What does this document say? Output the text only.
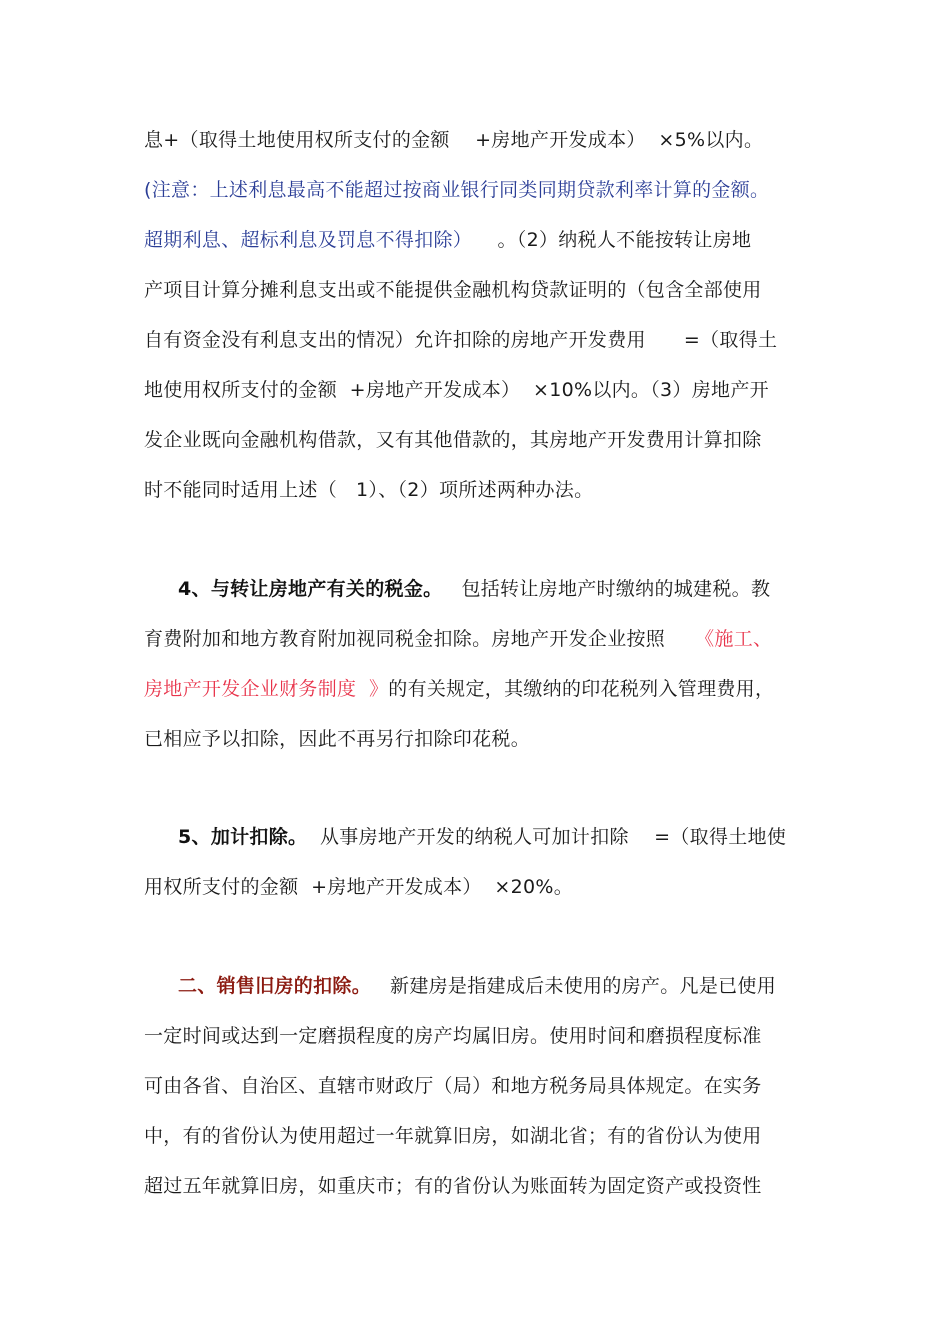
息+（取得土地使用权所支付的金额    +房地产开发成本）  ×5%以内。
(注意：上述利息最高不能超过按商业银行同类同期贷款利率计算的金额。
超期利息、超标利息及罚息不得扣除）    。（2）纳税人不能按转让房地
产项目计算分摊利息支出或不能提供金融机构贷款证明的（包含全部使用
自有资金没有利息支出的情况）允许扣除的房地产开发费用      =（取得土
地使用权所支付的金额  +房地产开发成本）  ×10%以内。（3）房地产开
发企业既向金融机构借款，又有其他借款的，其房地产开发费用计算扣除
时不能同时适用上述（   1）、（2）项所述两种办法。
4、与转让房地产有关的税金。   包括转让房地产时缴纳的城建税。教
育费附加和地方教育附加视同税金扣除。房地产开发企业按照 《施工、
房地产开发企业财务制度  》的有关规定，其缴纳的印花税列入管理费用，
已相应予以扣除，因此不再另行扣除印花税。
5、加计扣除。  从事房地产开发的纳税人可加计扣除    =（取得土地使
用权所支付的金额  +房地产开发成本）  ×20%。
二、销售旧房的扣除。   新建房是指建成后未使用的房产。凡是已使用
一定时间或达到一定磨损程度的房产均属旧房。使用时间和磨损程度标准
可由各省、自治区、直辖市财政厅（局）和地方税务局具体规定。在实务
中，有的省份认为使用超过一年就算旧房，如湖北省；有的省份认为使用
超过五年就算旧房，如重庆市；有的省份认为账面转为固定资产或投资性
